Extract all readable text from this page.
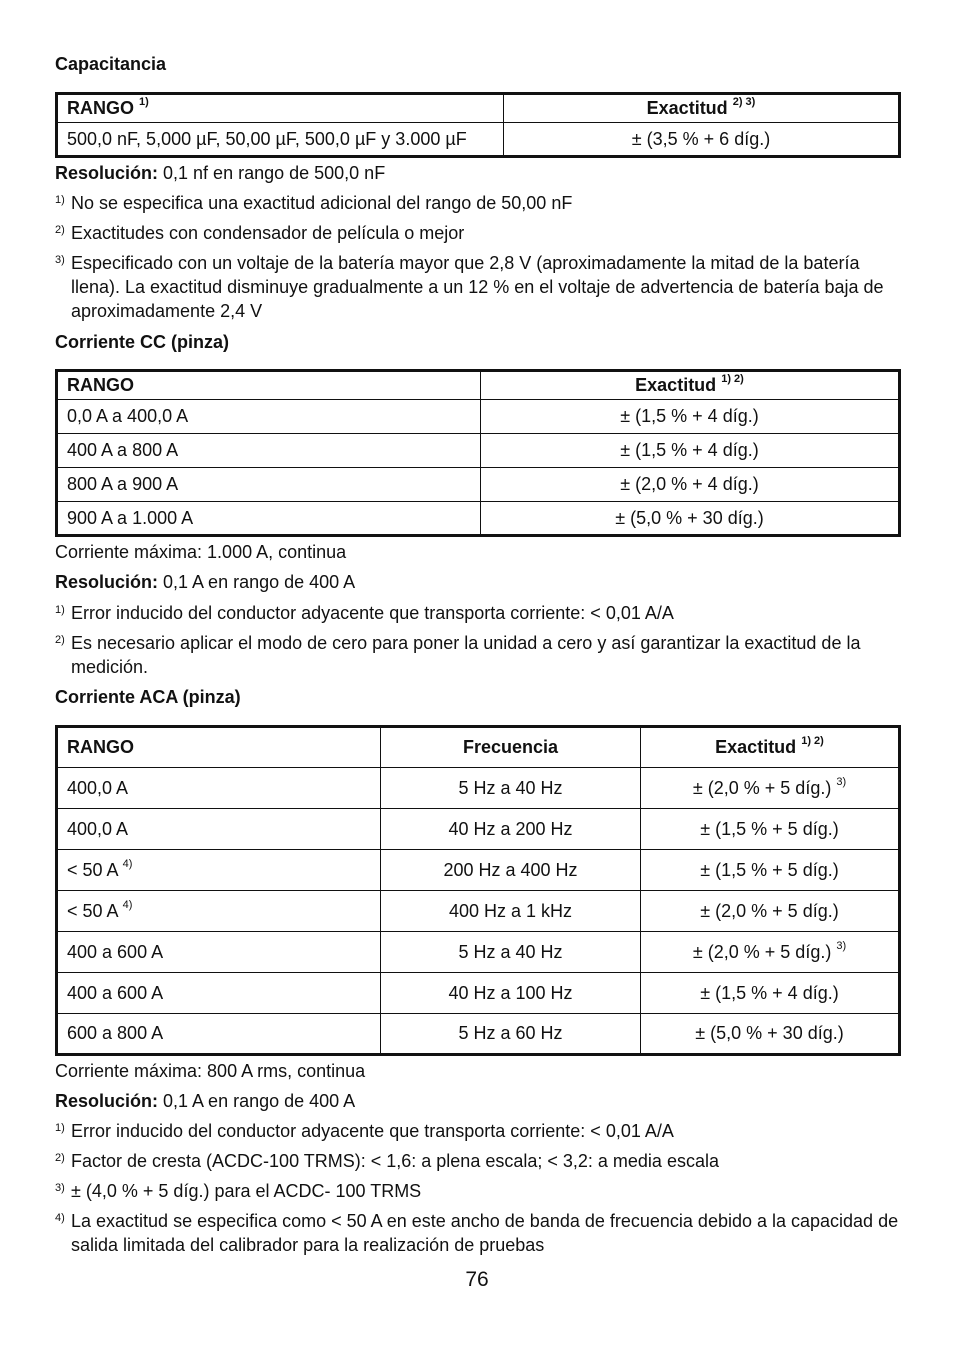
Capacitancia

RANGO $^{1)}$	Exactitud $^{2) 3)}$
500,0 nF, 5,000 µF, 50,00 µF, 500,0 µF y 3.000 µF	± (3,5 % + 6 díg.)

Resolución: 0,1 nf en rango de 500,0 nF

1) No se especifica una exactitud adicional del rango de 50,00 nF

2) Exactitudes con condensador de película o mejor

3) Especificado con un voltaje de la batería mayor que 2,8 V (aproximadamente la mitad de la batería llena). La exactitud disminuye gradualmente a un 12 % en el voltaje de advertencia de batería baja de aproximadamente 2,4 V

Corriente CC (pinza)

RANGO	Exactitud $^{1) 2)}$
0,0 A a 400,0 A	± (1,5 % + 4 díg.)
400 A a 800 A	± (1,5 % + 4 díg.)
800 A a 900 A	± (2,0 % + 4 díg.)
900 A a 1.000 A	± (5,0 % + 30 díg.)

Corriente máxima: 1.000 A, continua

Resolución: 0,1 A en rango de 400 A

1) Error inducido del conductor adyacente que transporta corriente: < 0,01 A/A

2) Es necesario aplicar el modo de cero para poner la unidad a cero y así garantizar la exactitud de la medición.

Corriente ACA (pinza)

RANGO	Frecuencia	Exactitud $^{1) 2)}$
400,0 A	5 Hz a 40 Hz	± (2,0 % + 5 díg.) $^{3)}$
400,0 A	40 Hz a 200 Hz	± (1,5 % + 5 díg.)
< 50 A $^{4)}$	200 Hz a 400 Hz	± (1,5 % + 5 díg.)
< 50 A $^{4)}$	400 Hz a 1 kHz	± (2,0 % + 5 díg.)
400 a 600 A	5 Hz a 40 Hz	± (2,0 % + 5 díg.) $^{3)}$
400 a 600 A	40 Hz a 100 Hz	± (1,5 % + 4 díg.)
600 a 800 A	5 Hz a 60 Hz	± (5,0 % + 30 díg.)

Corriente máxima: 800 A rms, continua

Resolución: 0,1 A en rango de 400 A

1) Error inducido del conductor adyacente que transporta corriente: < 0,01 A/A

2) Factor de cresta (ACDC-100 TRMS): < 1,6: a plena escala; < 3,2: a media escala

3) ± (4,0 % + 5 díg.) para el ACDC- 100 TRMS

4) La exactitud se especifica como < 50 A en este ancho de banda de frecuencia debido a la capacidad de salida limitada del calibrador para la realización de pruebas

76
